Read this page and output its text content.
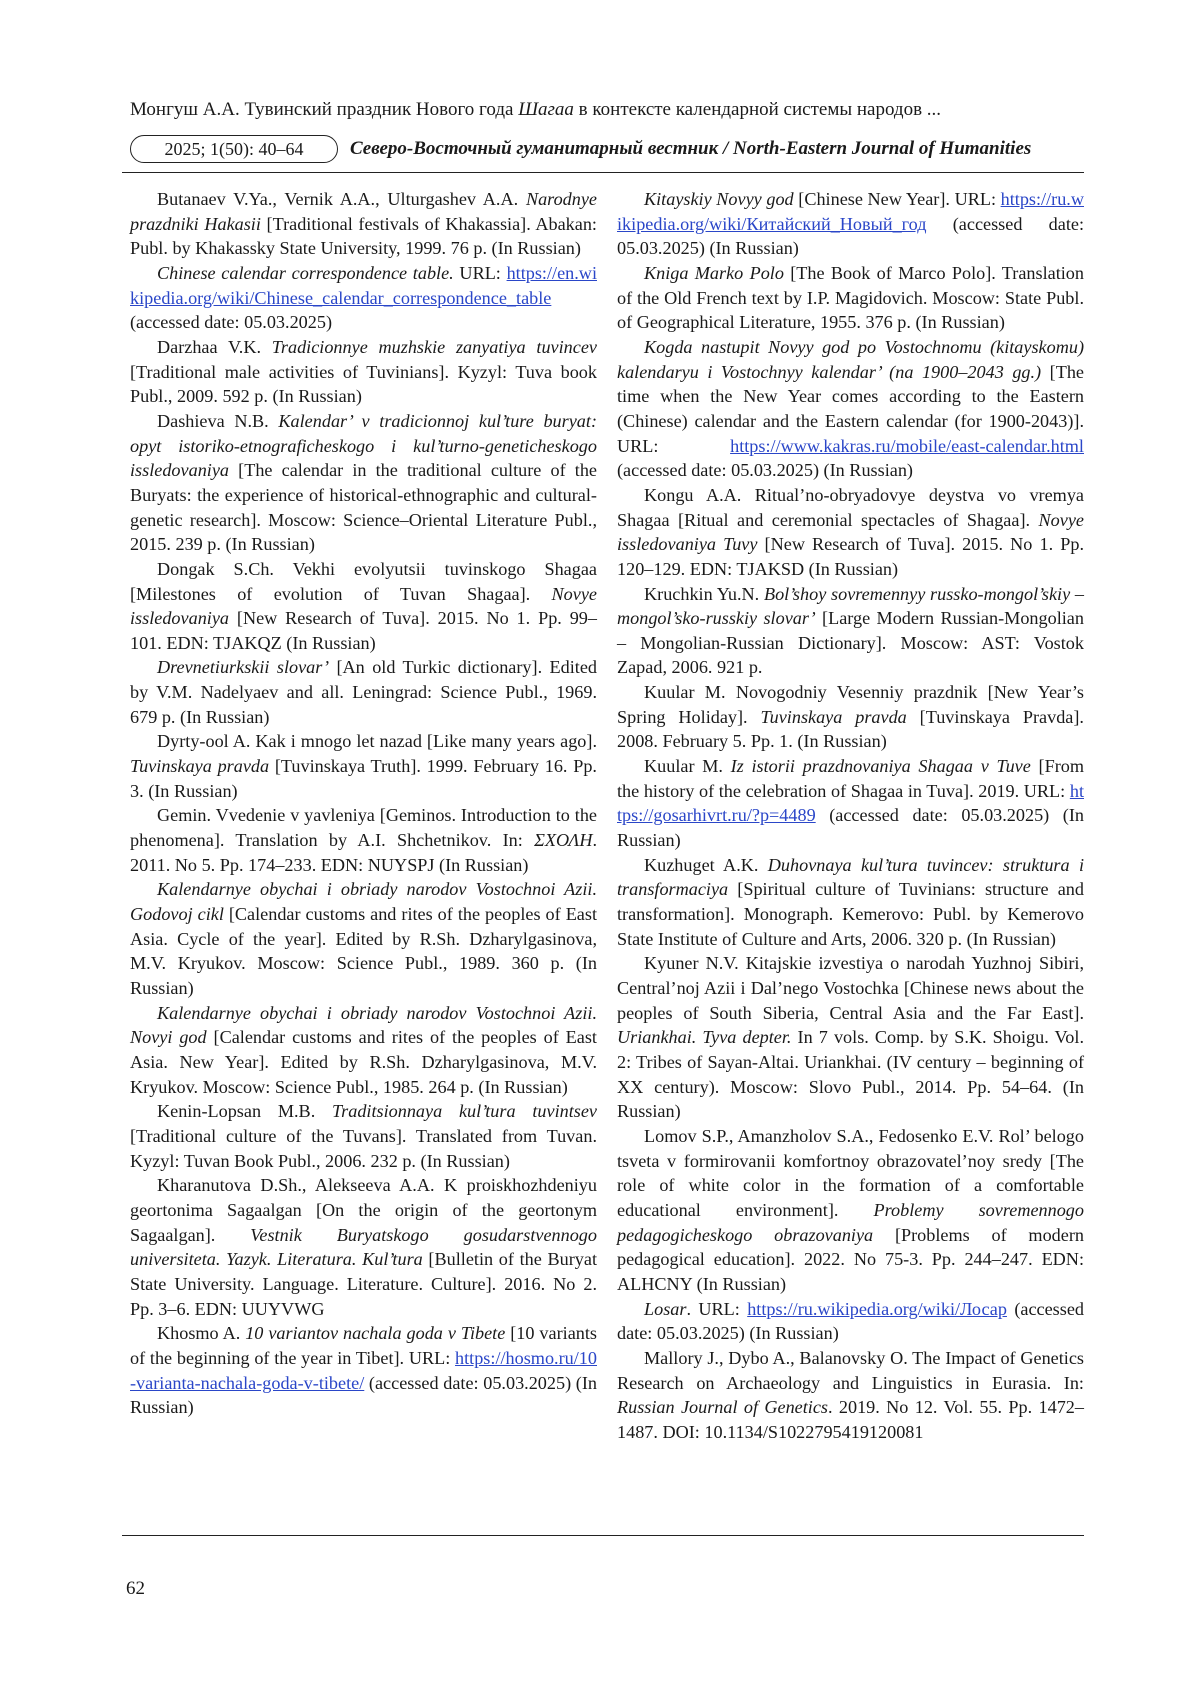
Монгуш А.А. Тувинский праздник Нового года Шагаа в контексте календарной системы народов ...
2025; 1(50): 40–64	Северо-Восточный гуманитарный вестник / North-Eastern Journal of Humanities

Butanaev V.Ya., Vernik A.A., Ulturgashev A.A. Narodnye prazdniki Hakasii [Traditional festivals of Khakassia]. Abakan: Publ. by Khakassky State University, 1999. 76 p. (In Russian)

Chinese calendar correspondence table. URL: https://en.wikipedia.org/wiki/Chinese_calendar_correspondence_table (accessed date: 05.03.2025)

Darzhaa V.K. Tradicionnye muzhskie zanyatiya tuvincev [Traditional male activities of Tuvinians]. Kyzyl: Tuva book Publ., 2009. 592 p. (In Russian)

Dashieva N.B. Kalendar’ v tradicionnoj kul’ture buryat: opyt istoriko-etnograficheskogo i kul’turno-geneticheskogo issledovaniya [The calendar in the traditional culture of the Buryats: the experience of historical-ethnographic and cultural-genetic research]. Moscow: Science–Oriental Literature Publ., 2015. 239 p. (In Russian)

Dongak S.Ch. Vekhi evolyutsii tuvinskogo Shagaa [Milestones of evolution of Tuvan Shagaa]. Novye issledovaniya [New Research of Tuva]. 2015. No 1. Pp. 99–101. EDN: TJAKQZ (In Russian)

Drevnetiurkskii slovar’ [An old Turkic dictionary]. Edited by V.M. Nadelyaev and all. Leningrad: Science Publ., 1969. 679 p. (In Russian)

Dyrty-ool A. Kak i mnogo let nazad [Like many years ago]. Tuvinskaya pravda [Tuvinskaya Truth]. 1999. February 16. Pp. 3. (In Russian)

Gemin. Vvedenie v yavleniya [Geminos. Introduction to the phenomena]. Translation by A.I. Shchetnikov. In: ΣΧΟΛΗ. 2011. No 5. Pp. 174–233. EDN: NUYSPJ (In Russian)

Kalendarnye obychai i obriady narodov Vostochnoi Azii. Godovoj cikl [Calendar customs and rites of the peoples of East Asia. Cycle of the year]. Edited by R.Sh. Dzharylgasinova, M.V. Kryukov. Moscow: Science Publ., 1989. 360 p. (In Russian)

Kalendarnye obychai i obriady narodov Vostochnoi Azii. Novyi god [Calendar customs and rites of the peoples of East Asia. New Year]. Edited by R.Sh. Dzharylgasinova, M.V. Kryukov. Moscow: Science Publ., 1985. 264 p. (In Russian)

Kenin-Lopsan M.B. Traditsionnaya kul’tura tuvintsev [Traditional culture of the Tuvans]. Translated from Tuvan. Kyzyl: Tuvan Book Publ., 2006. 232 p. (In Russian)

Kharanutova D.Sh., Alekseeva A.A. K proiskhozhdeniyu geortonima Sagaalgan [On the origin of the geortonym Sagaalgan]. Vestnik Buryatskogo gosudarstvennogo universiteta. Yazyk. Literatura. Kul’tura [Bulletin of the Buryat State University. Language. Literature. Culture]. 2016. No 2. Pp. 3–6. EDN: UUYVWG

Khosmo A. 10 variantov nachala goda v Tibete [10 variants of the beginning of the year in Tibet]. URL: https://hosmo.ru/10-varianta-nachala-goda-v-tibete/ (accessed date: 05.03.2025) (In Russian)

Kitayskiy Novyy god [Chinese New Year]. URL: https://ru.wikipedia.org/wiki/Китайский_Новый_год (accessed date: 05.03.2025) (In Russian)

Kniga Marko Polo [The Book of Marco Polo]. Translation of the Old French text by I.P. Magidovich. Moscow: State Publ. of Geographical Literature, 1955. 376 p. (In Russian)

Kogda nastupit Novyy god po Vostochnomu (kitayskomu) kalendaryu i Vostochnyy kalendar’ (na 1900–2043 gg.) [The time when the New Year comes according to the Eastern (Chinese) calendar and the Eastern calendar (for 1900-2043)]. URL: https://www.kakras.ru/mobile/east-calendar.html (accessed date: 05.03.2025) (In Russian)

Kongu A.A. Ritual’no-obryadovye deystva vo vremya Shagaa [Ritual and ceremonial spectacles of Shagaa]. Novye issledovaniya Tuvy [New Research of Tuva]. 2015. No 1. Pp. 120–129. EDN: TJAKSD (In Russian)

Kruchkin Yu.N. Bol’shoy sovremennyy russko-mongol’skiy – mongol’sko-russkiy slovar’ [Large Modern Russian-Mongolian – Mongolian-Russian Dictionary]. Moscow: AST: Vostok Zapad, 2006. 921 p.

Kuular M. Novogodniy Vesenniy prazdnik [New Year’s Spring Holiday]. Tuvinskaya pravda [Tuvinskaya Pravda]. 2008. February 5. Pp. 1. (In Russian)

Kuular M. Iz istorii prazdnovaniya Shagaa v Tuve [From the history of the celebration of Shagaa in Tuva]. 2019. URL: https://gosarhivrt.ru/?p=4489 (accessed date: 05.03.2025) (In Russian)

Kuzhuget A.K. Duhovnaya kul’tura tuvincev: struktura i transformaciya [Spiritual culture of Tuvinians: structure and transformation]. Monograph. Kemerovo: Publ. by Kemerovo State Institute of Culture and Arts, 2006. 320 p. (In Russian)

Kyuner N.V. Kitajskie izvestiya o narodah Yuzhnoj Sibiri, Central’noj Azii i Dal’nego Vostochka [Chinese news about the peoples of South Siberia, Central Asia and the Far East]. Uriankhai. Tyva depter. In 7 vols. Comp. by S.K. Shoigu. Vol. 2: Tribes of Sayan-Altai. Uriankhai. (IV century – beginning of XX century). Moscow: Slovo Publ., 2014. Pp. 54–64. (In Russian)

Lomov S.P., Amanzholov S.A., Fedosenko E.V. Rol’ belogo tsveta v formirovanii komfortnoy obrazovatel’noy sredy [The role of white color in the formation of a comfortable educational environment]. Problemy sovremennogo pedagogicheskogo obrazovaniya [Problems of modern pedagogical education]. 2022. No 75-3. Pp. 244–247. EDN: ALHCNY (In Russian)

Losar. URL: https://ru.wikipedia.org/wiki/Лосар (accessed date: 05.03.2025) (In Russian)

Mallory J., Dybo A., Balanovsky O. The Impact of Genetics Research on Archaeology and Linguistics in Eurasia. In: Russian Journal of Genetics. 2019. No 12. Vol. 55. Pp. 1472–1487. DOI: 10.1134/S1022795419120081

62
